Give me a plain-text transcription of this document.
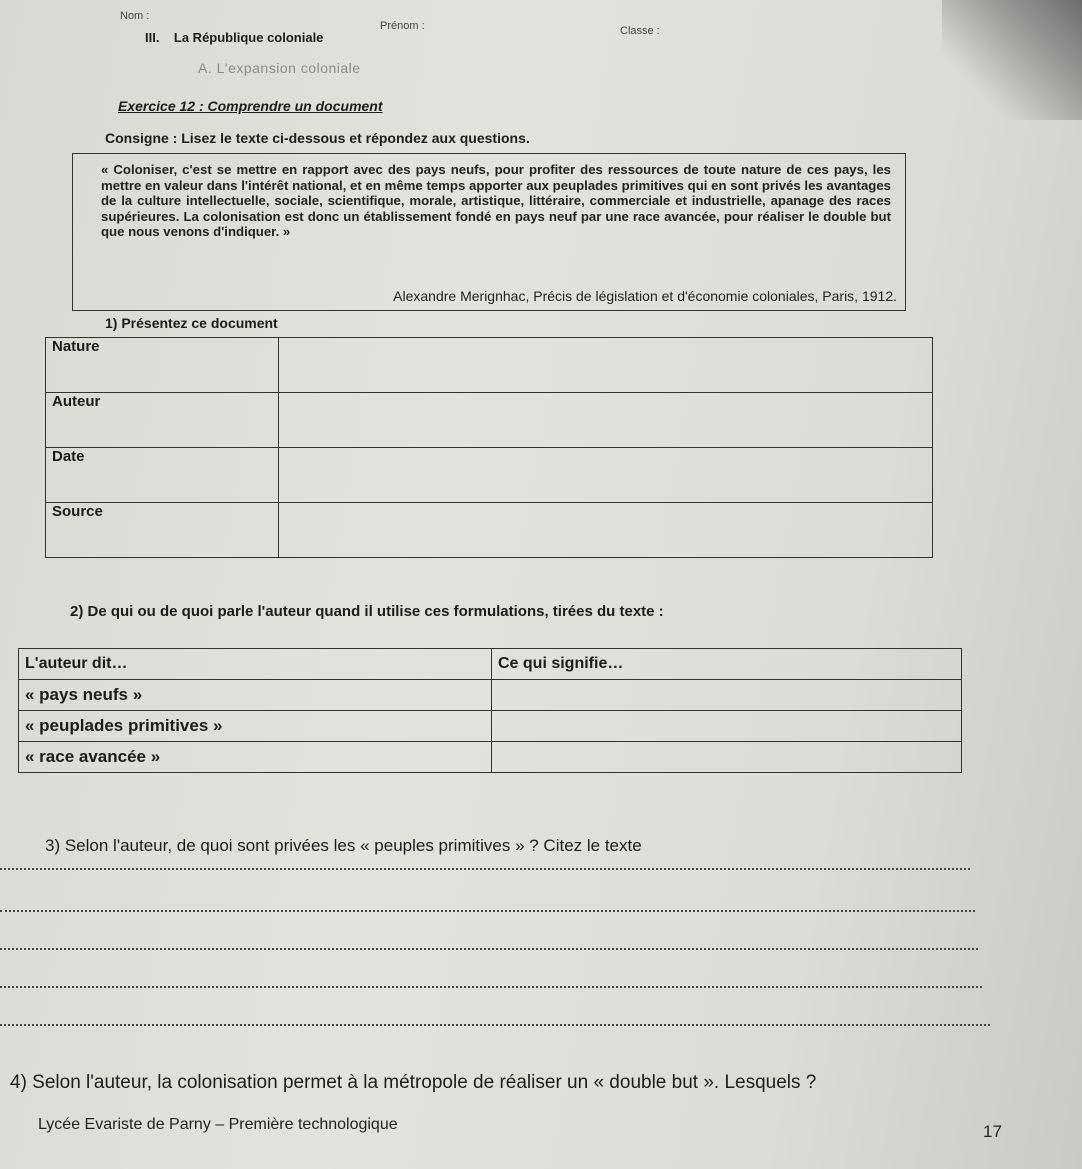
Nom :
Prénom :	Classe :
III.    La République coloniale
A. L'expansion coloniale
Exercice 12 : Comprendre un document
Consigne : Lisez le texte ci-dessous et répondez aux questions.
« Coloniser, c'est se mettre en rapport avec des pays neufs, pour profiter des ressources de toute nature de ces pays, les mettre en valeur dans l'intérêt national, et en même temps apporter aux peuplades primitives qui en sont privés les avantages de la culture intellectuelle, sociale, scientifique, morale, artistique, littéraire, commerciale et industrielle, apanage des races supérieures. La colonisation est donc un établissement fondé en pays neuf par une race avancée, pour réaliser le double but que nous venons d'indiquer. »
Alexandre Merignhac, Précis de législation et d'économie coloniales, Paris, 1912.
1) Présentez ce document
Nature	
Auteur	
Date	
Source	
2) De qui ou de quoi parle l'auteur quand il utilise ces formulations, tirées du texte :
L'auteur dit…	Ce qui signifie…
« pays neufs »	
« peuplades primitives »	
« race avancée »	
3) Selon l'auteur, de quoi sont privées les « peuples primitives » ? Citez le texte
4) Selon l'auteur, la colonisation permet à la métropole de réaliser un « double but ». Lesquels ?
Lycée Evariste de Parny – Première technologique	17
